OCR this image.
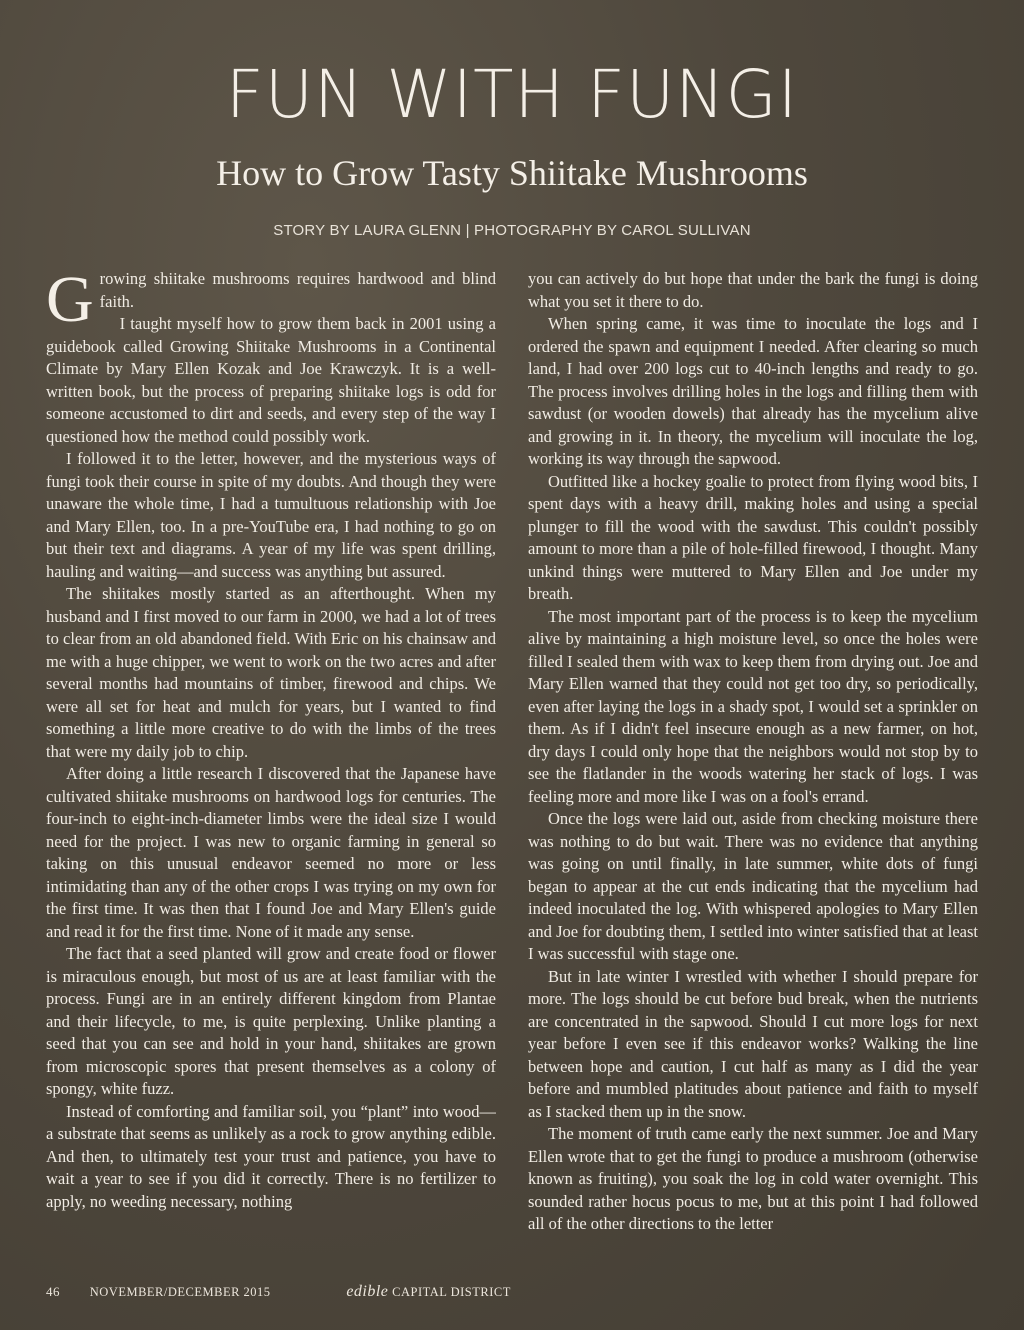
FUN WITH FUNGI
How to Grow Tasty Shiitake Mushrooms
STORY BY LAURA GLENN | PHOTOGRAPHY BY CAROL SULLIVAN

Growing shiitake mushrooms requires hardwood and blind faith.

I taught myself how to grow them back in 2001 using a guidebook called Growing Shiitake Mushrooms in a Continental Climate by Mary Ellen Kozak and Joe Krawczyk. It is a well-written book, but the process of preparing shiitake logs is odd for someone accustomed to dirt and seeds, and every step of the way I questioned how the method could possibly work.

I followed it to the letter, however, and the mysterious ways of fungi took their course in spite of my doubts. And though they were unaware the whole time, I had a tumultuous relationship with Joe and Mary Ellen, too. In a pre-YouTube era, I had nothing to go on but their text and diagrams. A year of my life was spent drilling, hauling and waiting—and success was anything but assured.

The shiitakes mostly started as an afterthought. When my husband and I first moved to our farm in 2000, we had a lot of trees to clear from an old abandoned field. With Eric on his chainsaw and me with a huge chipper, we went to work on the two acres and after several months had mountains of timber, firewood and chips. We were all set for heat and mulch for years, but I wanted to find something a little more creative to do with the limbs of the trees that were my daily job to chip.

After doing a little research I discovered that the Japanese have cultivated shiitake mushrooms on hardwood logs for centuries. The four-inch to eight-inch-diameter limbs were the ideal size I would need for the project. I was new to organic farming in general so taking on this unusual endeavor seemed no more or less intimidating than any of the other crops I was trying on my own for the first time. It was then that I found Joe and Mary Ellen's guide and read it for the first time. None of it made any sense.

The fact that a seed planted will grow and create food or flower is miraculous enough, but most of us are at least familiar with the process. Fungi are in an entirely different kingdom from Plantae and their lifecycle, to me, is quite perplexing. Unlike planting a seed that you can see and hold in your hand, shiitakes are grown from microscopic spores that present themselves as a colony of spongy, white fuzz.

Instead of comforting and familiar soil, you “plant” into wood—a substrate that seems as unlikely as a rock to grow anything edible. And then, to ultimately test your trust and patience, you have to wait a year to see if you did it correctly. There is no fertilizer to apply, no weeding necessary, nothing

you can actively do but hope that under the bark the fungi is doing what you set it there to do.

When spring came, it was time to inoculate the logs and I ordered the spawn and equipment I needed. After clearing so much land, I had over 200 logs cut to 40-inch lengths and ready to go. The process involves drilling holes in the logs and filling them with sawdust (or wooden dowels) that already has the mycelium alive and growing in it. In theory, the mycelium will inoculate the log, working its way through the sapwood.

Outfitted like a hockey goalie to protect from flying wood bits, I spent days with a heavy drill, making holes and using a special plunger to fill the wood with the sawdust. This couldn't possibly amount to more than a pile of hole-filled firewood, I thought. Many unkind things were muttered to Mary Ellen and Joe under my breath.

The most important part of the process is to keep the mycelium alive by maintaining a high moisture level, so once the holes were filled I sealed them with wax to keep them from drying out. Joe and Mary Ellen warned that they could not get too dry, so periodically, even after laying the logs in a shady spot, I would set a sprinkler on them. As if I didn't feel insecure enough as a new farmer, on hot, dry days I could only hope that the neighbors would not stop by to see the flatlander in the woods watering her stack of logs. I was feeling more and more like I was on a fool's errand.

Once the logs were laid out, aside from checking moisture there was nothing to do but wait. There was no evidence that anything was going on until finally, in late summer, white dots of fungi began to appear at the cut ends indicating that the mycelium had indeed inoculated the log. With whispered apologies to Mary Ellen and Joe for doubting them, I settled into winter satisfied that at least I was successful with stage one.

But in late winter I wrestled with whether I should prepare for more. The logs should be cut before bud break, when the nutrients are concentrated in the sapwood. Should I cut more logs for next year before I even see if this endeavor works? Walking the line between hope and caution, I cut half as many as I did the year before and mumbled platitudes about patience and faith to myself as I stacked them up in the snow.

The moment of truth came early the next summer. Joe and Mary Ellen wrote that to get the fungi to produce a mushroom (otherwise known as fruiting), you soak the log in cold water overnight. This sounded rather hocus pocus to me, but at this point I had followed all of the other directions to the letter

46 NOVEMBER/DECEMBER 2015	edible CAPITAL DISTRICT
